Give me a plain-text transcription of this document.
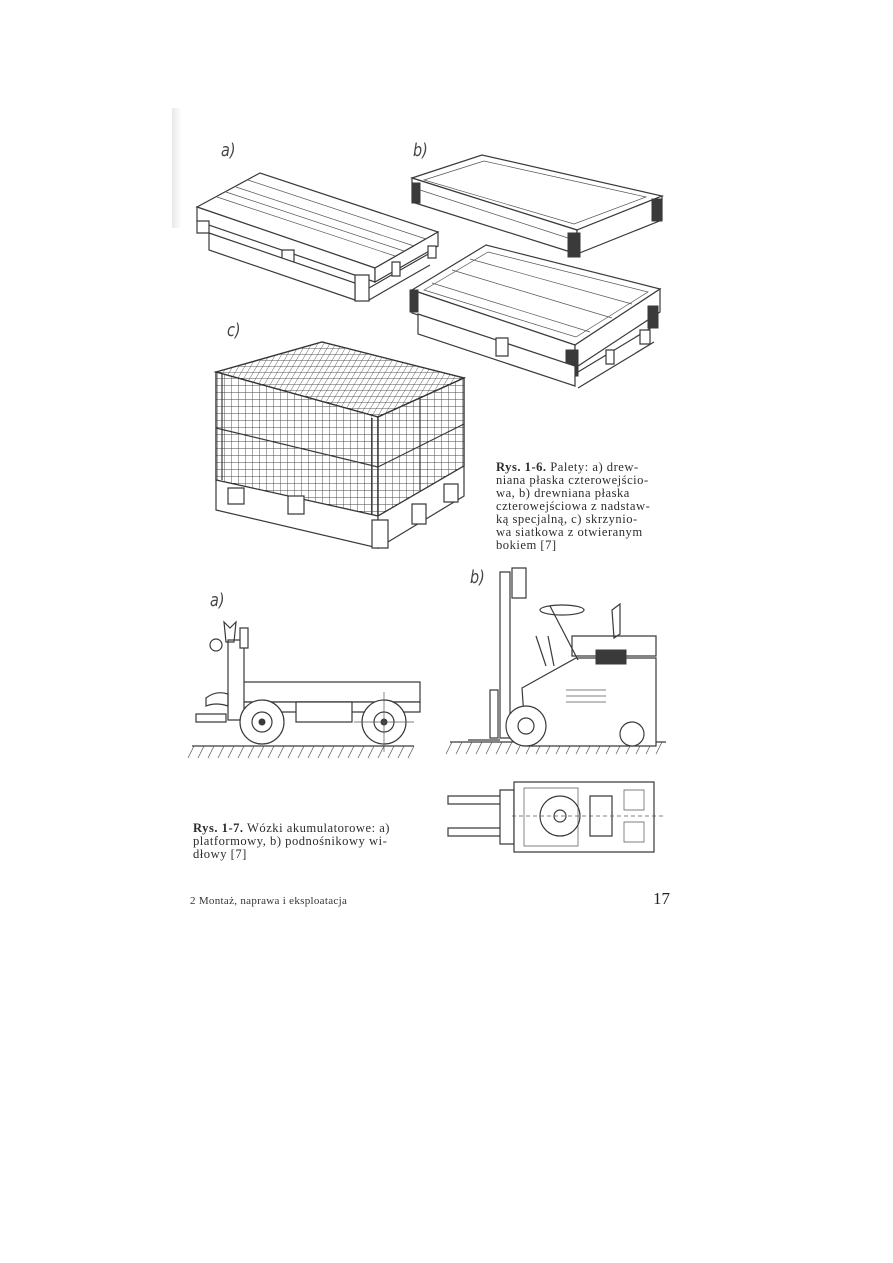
a)	b)
c)
a)
b)
Rys. 1-6. Palety: a) drew-
niana płaska czterowejścio-
wa, b) drewniana płaska
czterowejściowa z nadstaw-
ką specjalną, c) skrzynio-
wa siatkowa z otwieranym
bokiem [7]
Rys. 1-7. Wózki akumulatorowe: a)
platformowy, b) podnośnikowy wi-
dłowy [7]
2 Montaż, naprawa i eksploatacja	17
